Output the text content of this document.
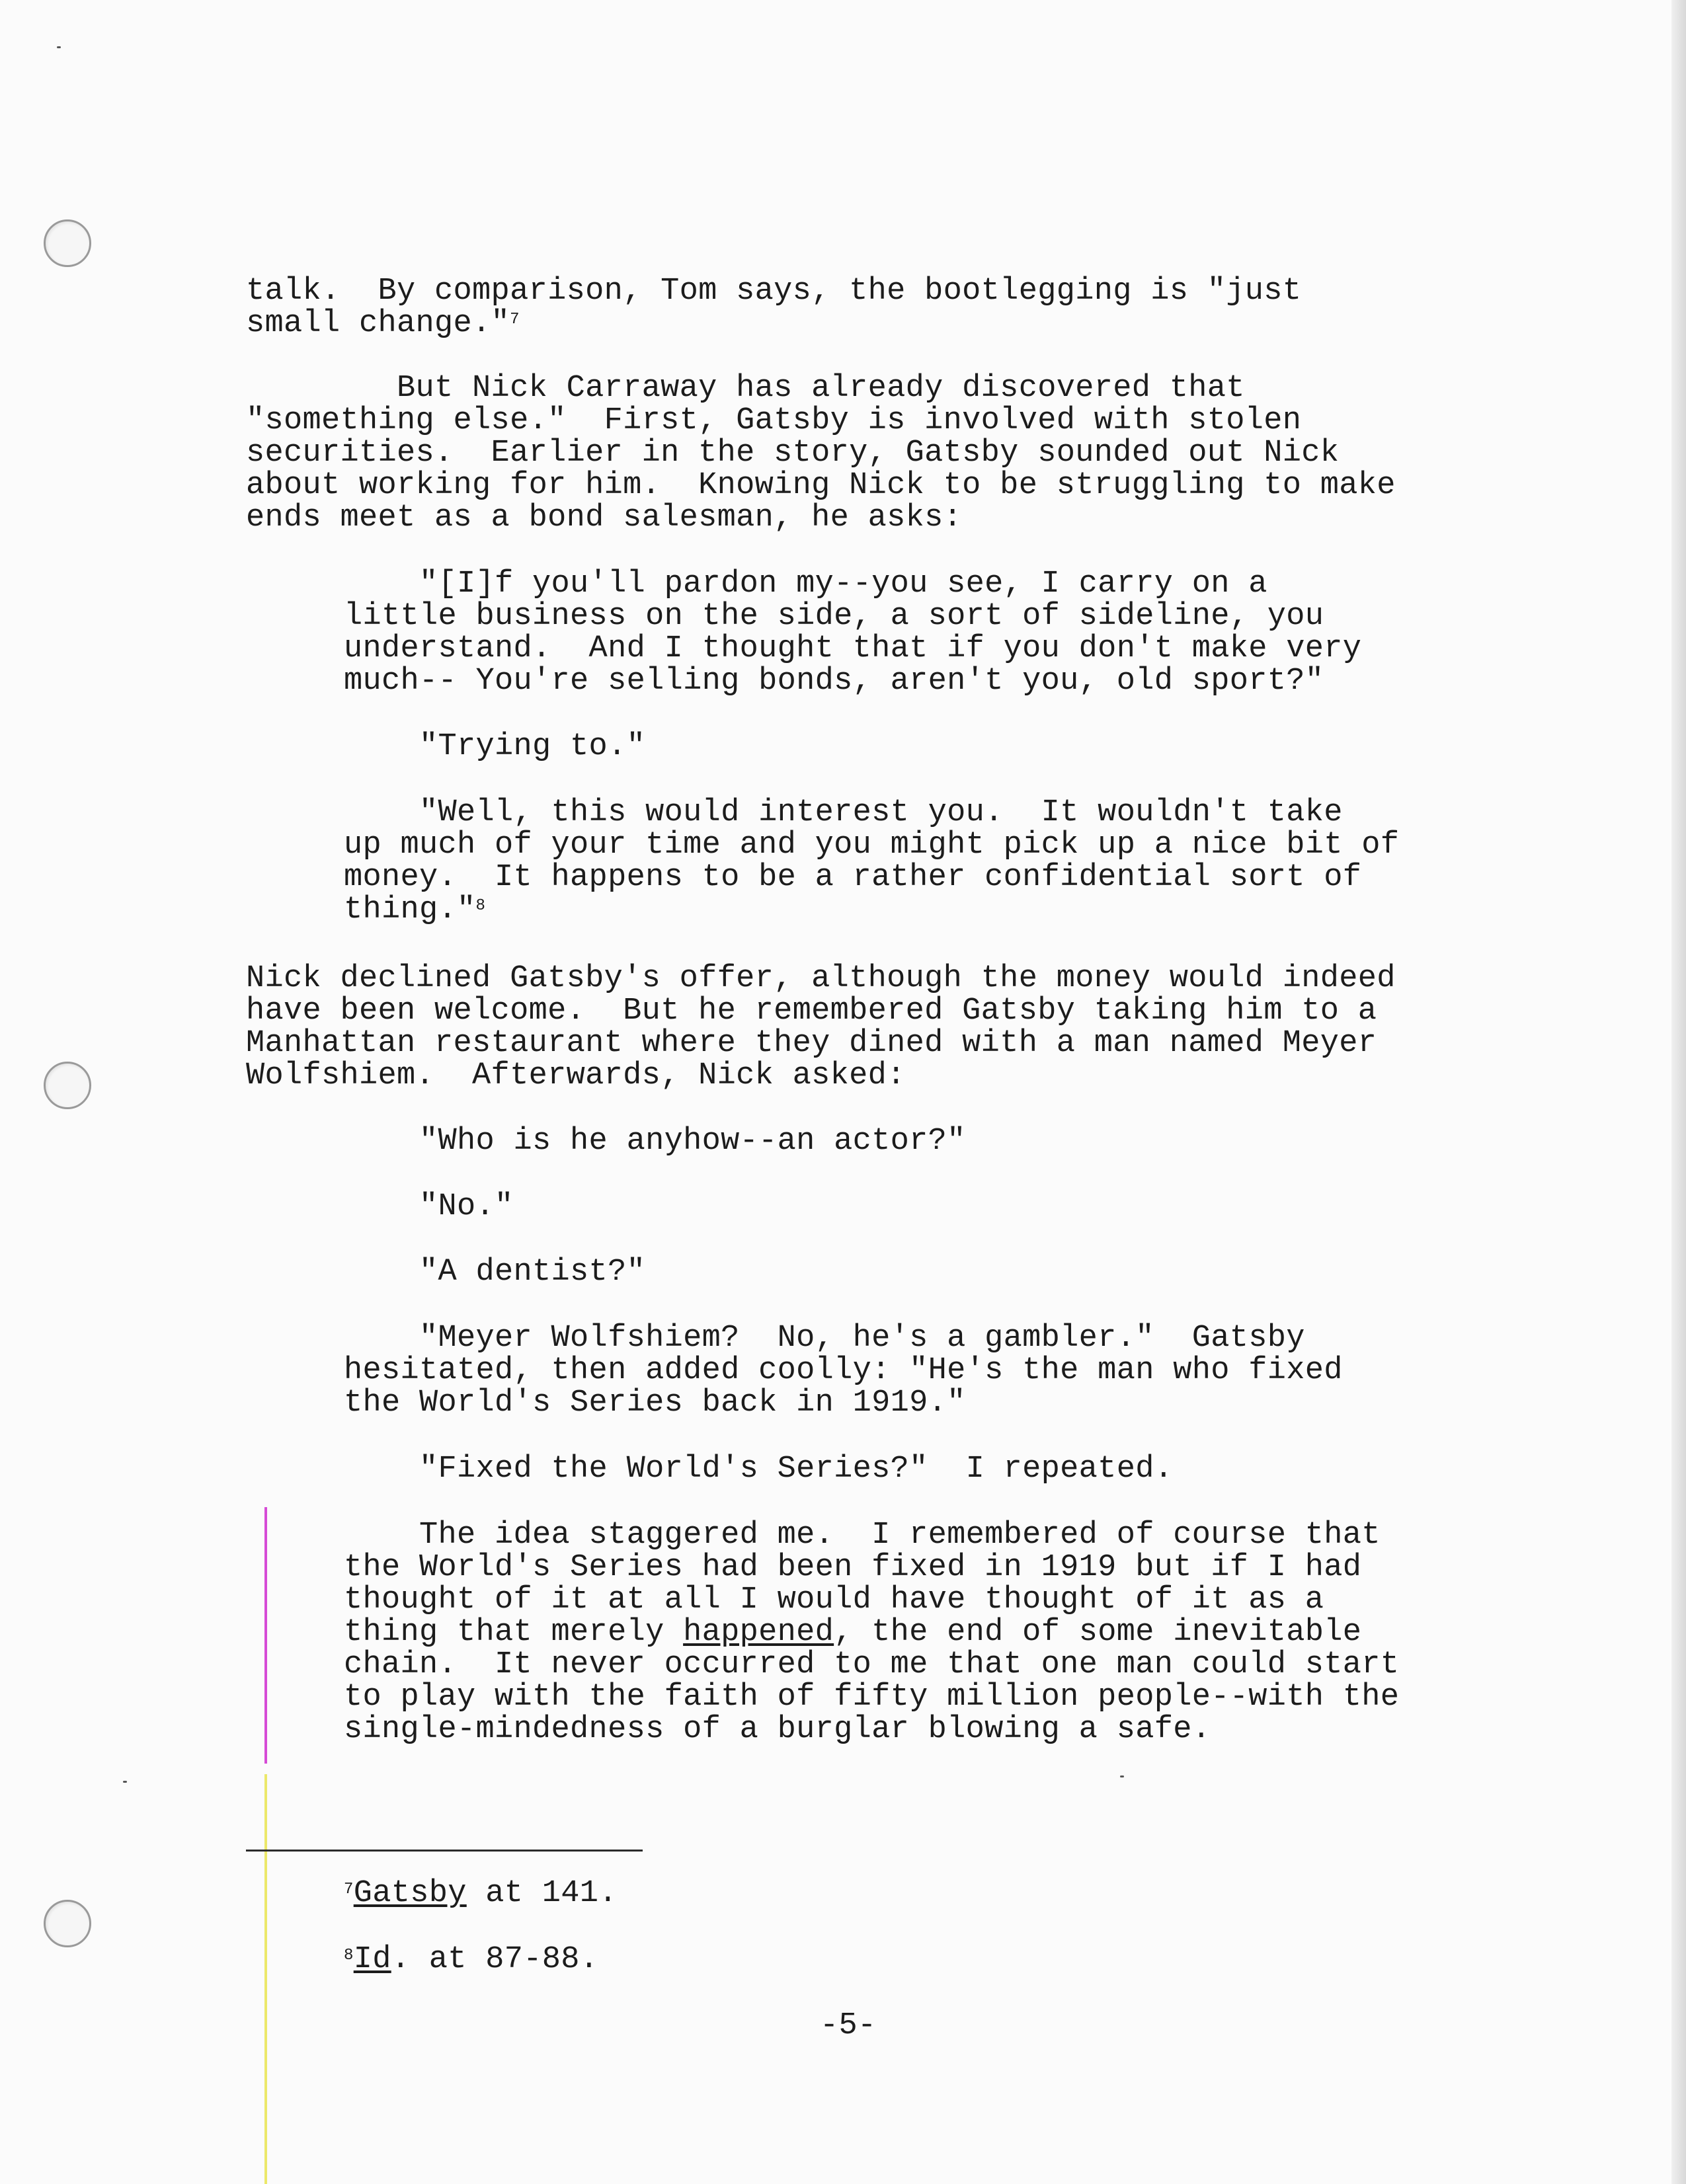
talk.  By comparison, Tom says, the bootlegging is "just
small change."$^7$
But Nick Carraway has already discovered that
"something else."  First, Gatsby is involved with stolen
securities.  Earlier in the story, Gatsby sounded out Nick
about working for him.  Knowing Nick to be struggling to make
ends meet as a bond salesman, he asks:
"[I]f you'll pardon my--you see, I carry on a
little business on the side, a sort of sideline, you
understand.  And I thought that if you don't make very
much-- You're selling bonds, aren't you, old sport?"
"Trying to."
"Well, this would interest you.  It wouldn't take
up much of your time and you might pick up a nice bit of
money.  It happens to be a rather confidential sort of
thing."$^8$
Nick declined Gatsby's offer, although the money would indeed
have been welcome.  But he remembered Gatsby taking him to a
Manhattan restaurant where they dined with a man named Meyer
Wolfshiem.  Afterwards, Nick asked:
"Who is he anyhow--an actor?"
"No."
"A dentist?"
"Meyer Wolfshiem?  No, he's a gambler."  Gatsby
hesitated, then added coolly: "He's the man who fixed
the World's Series back in 1919."
"Fixed the World's Series?"  I repeated.
The idea staggered me.  I remembered of course that
the World's Series had been fixed in 1919 but if I had
thought of it at all I would have thought of it as a
thing that merely happened, the end of some inevitable
chain.  It never occurred to me that one man could start
to play with the faith of fifty million people--with the
single-mindedness of a burglar blowing a safe.
$^7$Gatsby at 141.
$^8$Id. at 87-88.
-5-
